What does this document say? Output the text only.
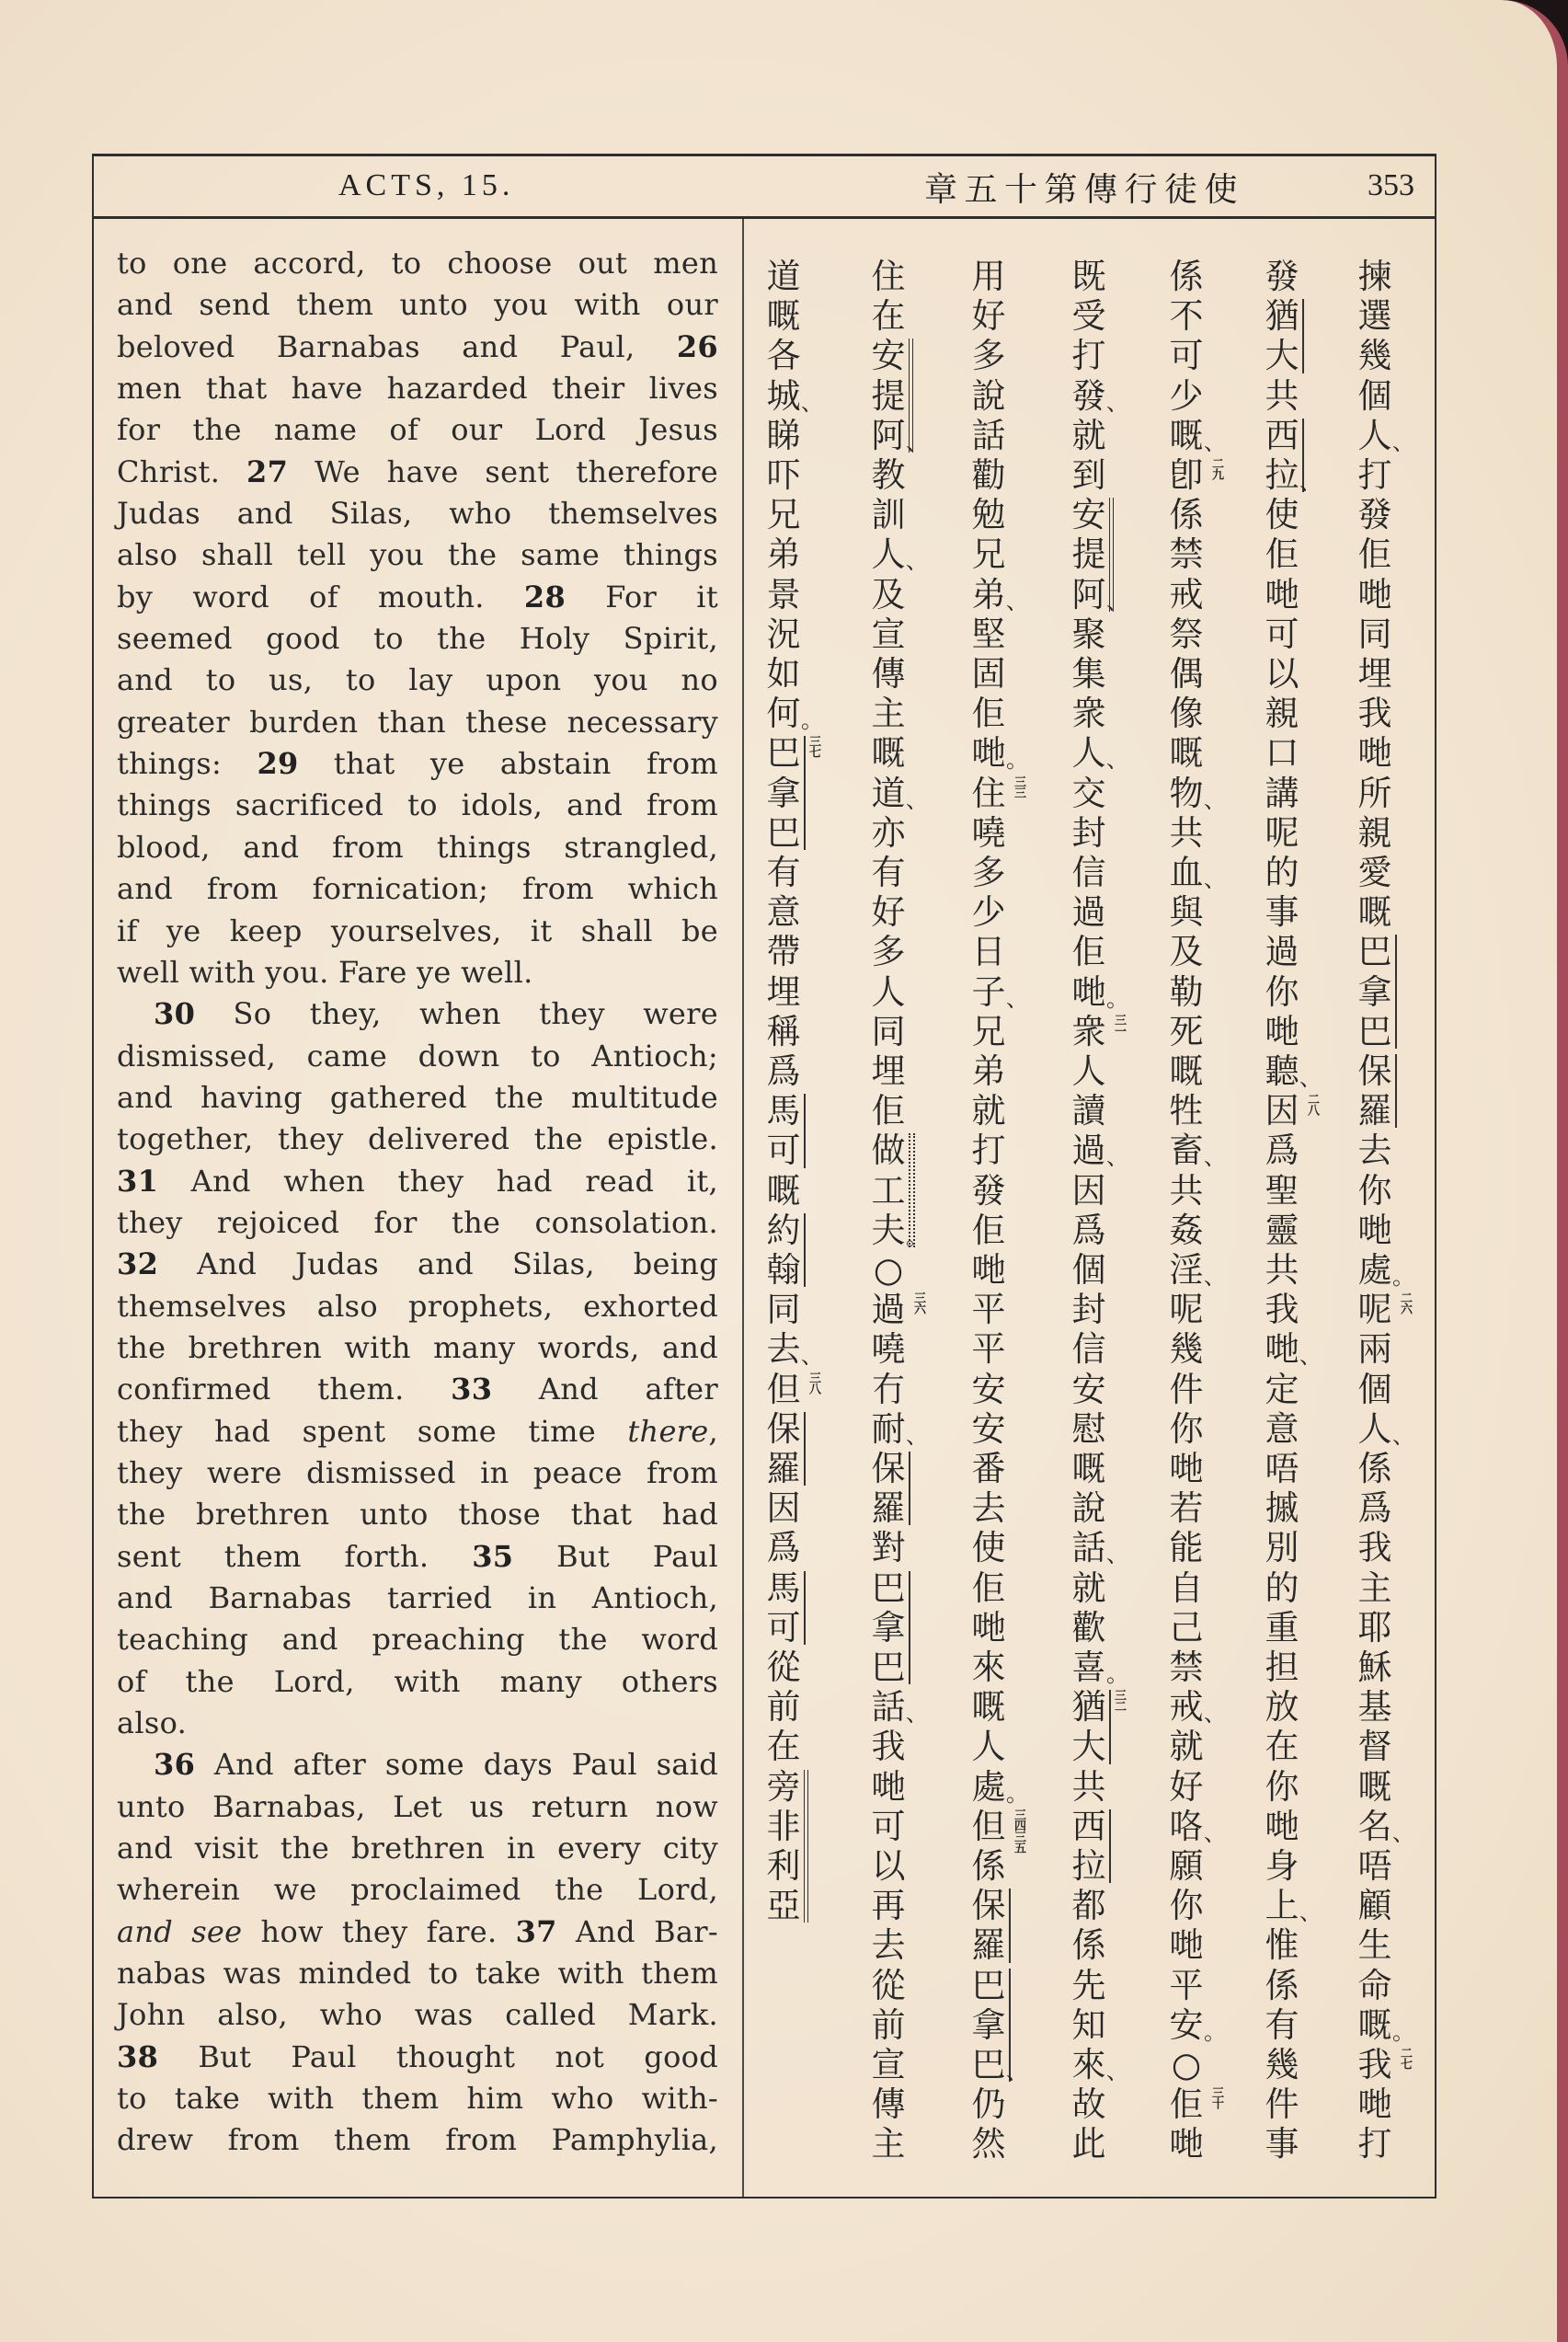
ACTS, 15.	章五十第傳行徒使	353
to one accord, to choose out men
and send them unto you with our
beloved Barnabas and Paul, 26
men that have hazarded their lives
for the name of our Lord Jesus
Christ. 27 We have sent therefore
Judas and Silas, who themselves
also shall tell you the same things
by word of mouth. 28 For it
seemed good to the Holy Spirit,
and to us, to lay upon you no
greater burden than these necessary
things: 29 that ye abstain from
things sacrificed to idols, and from
blood, and from things strangled,
and from fornication; from which
if ye keep yourselves, it shall be
well with you. Fare ye well.
30 So they, when they were
dismissed, came down to Antioch;
and having gathered the multitude
together, they delivered the epistle.
31 And when they had read it,
they rejoiced for the consolation.
32 And Judas and Silas, being
themselves also prophets, exhorted
the brethren with many words, and
confirmed them. 33 And after
they had spent some time there,
they were dismissed in peace from
the brethren unto those that had
sent them forth. 35 But Paul
and Barnabas tarried in Antioch,
teaching and preaching the word
of the Lord, with many others
also.
36 And after some days Paul said
unto Barnabas, Let us return now
and visit the brethren in every city
wherein we proclaimed the Lord,
and see how they fare. 37 And Bar-
nabas was minded to take with them
John also, who was called Mark.
38 But Paul thought not good
to take with them him who with-
drew from them from Pamphylia,
揀
選
幾
個
人 、
打
發
佢
哋
同
埋
我
哋
所
親
愛
嘅
巴
拿
巴
保
羅
去
你
哋
處 。
二六
呢
兩
個
人 、
係
爲
我
主
耶
穌
基
督
嘅
名 、
唔
顧
生
命
嘅 。
二七
我
哋
打
發
猶
大
共
西
拉 、
使
佢
哋
可
以
親
口
講
呢
的
事
過
你
哋
聽 、
二八
因
爲
聖
靈
共
我
哋 、
定
意
唔
摵
別
的
重
担
放
在
你
哋
身
上 、
惟
係
有
幾
件
事
係
不
可
少
嘅 、
二九
卽
係
禁
戒
祭
偶
像
嘅
物 、
共
血 、
與
及
勒
死
嘅
牲
畜 、
共
姦
淫 、
呢
幾
件
你
哋
若
能
自
己
禁
戒 、
就
好
咯 、
願
你
哋
平
安 。
○
三十
佢
哋
既
受
打
發 、
就
到
安
提
阿 、
聚
集
衆
人 、
交
封
信
過
佢
哋 。
三一
衆
人
讀
過 、
因
爲
個
封
信
安
慰
嘅
說
話 、
就
歡
喜 。
三二
猶
大
共
西
拉
都
係
先
知
來 、
故
此
用
好
多
說
話
勸
勉
兄
弟 、
堅
固
佢
哋 。
三三
住
嘵
多
少
日
子 、
兄
弟
就
打
發
佢
哋
平
平
安
安
番
去
使
佢
哋
來
嘅
人
處 。
三四三五
但
係
保
羅
巴
拿
巴 、
仍
然
住
在
安
提
阿 、
教
訓
人 、
及
宣
傳
主
嘅
道 、
亦
有
好
多
人
同
埋
佢
做
工
夫 。
○
三六
過
嘵
冇
耐 、
保
羅
對
巴
拿
巴
話 、
我
哋
可
以
再
去
從
前
宣
傳
主
道
嘅
各
城 、
睇
吓
兄
弟
景
況
如
何 。
三七
巴
拿
巴
有
意
帶
埋
稱
爲
馬
可
嘅
約
翰
同
去 、
三八
但
保
羅
因
爲
馬
可
從
前
在
旁
非
利
亞
